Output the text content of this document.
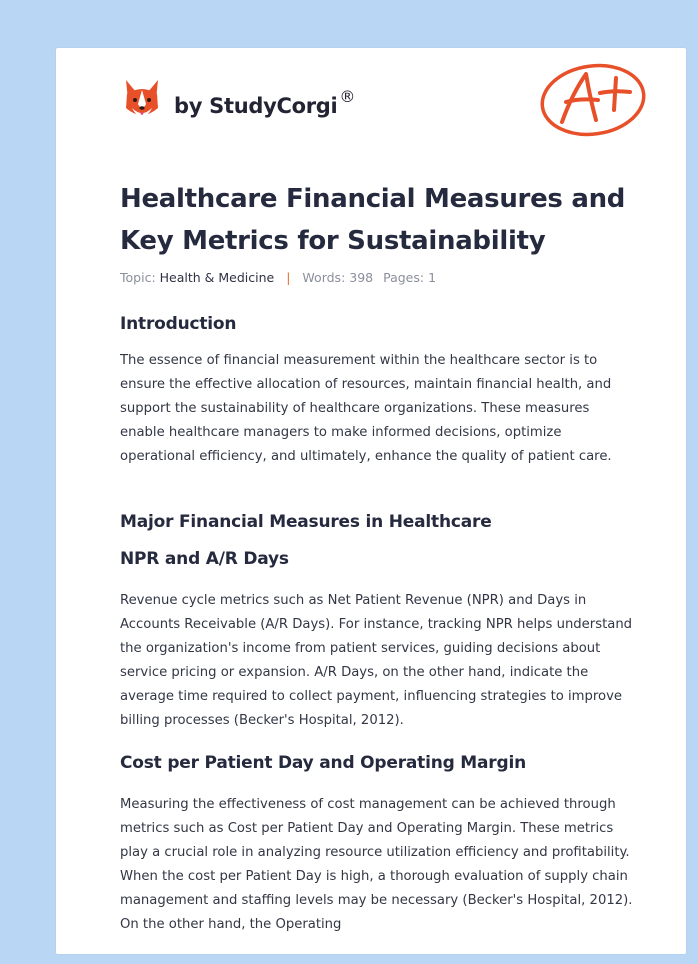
by StudyCorgi ®
Healthcare Financial Measures and Key Metrics for Sustainability
Topic: Health & Medicine | Words: 398 Pages: 1
Introduction

The essence of financial measurement within the healthcare sector is to ensure the effective allocation of resources, maintain financial health, and support the sustainability of healthcare organizations. These measures enable healthcare managers to make informed decisions, optimize operational efficiency, and ultimately, enhance the quality of patient care.

Major Financial Measures in Healthcare
NPR and A/R Days

Revenue cycle metrics such as Net Patient Revenue (NPR) and Days in Accounts Receivable (A/R Days). For instance, tracking NPR helps understand the organization's income from patient services, guiding decisions about service pricing or expansion. A/R Days, on the other hand, indicate the average time required to collect payment, influencing strategies to improve billing processes (Becker's Hospital, 2012).

Cost per Patient Day and Operating Margin

Measuring the effectiveness of cost management can be achieved through metrics such as Cost per Patient Day and Operating Margin. These metrics play a crucial role in analyzing resource utilization efficiency and profitability. When the cost per Patient Day is high, a thorough evaluation of supply chain management and staffing levels may be necessary (Becker's Hospital, 2012). On the other hand, the Operating
